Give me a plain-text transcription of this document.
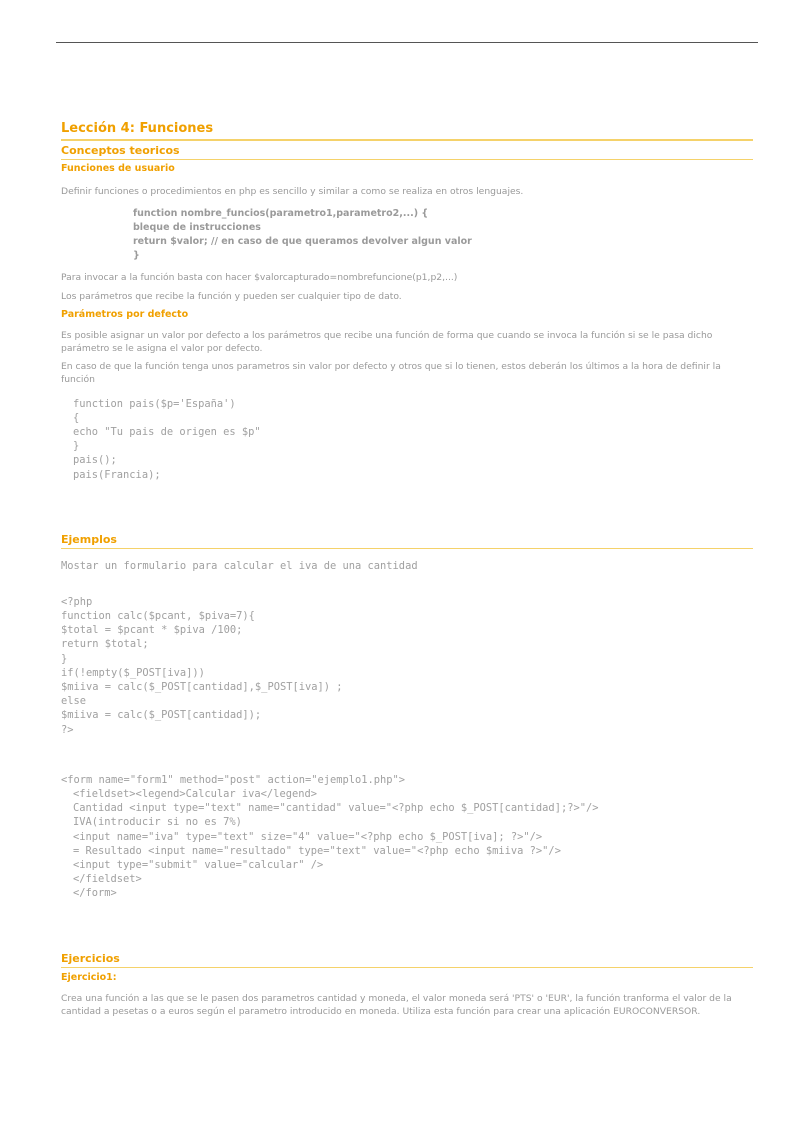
Lección 4: Funciones
Conceptos teoricos
Funciones de usuario

Definir funciones o procedimientos en php es sencillo y similar a como se realiza en otros lenguajes.

function nombre_funcios(parametro1,parametro2,...) {

bleque de instrucciones

return $valor; // en caso de que queramos devolver algun valor

}

Para invocar a la función basta con hacer $valorcapturado=nombrefuncione(p1,p2,...)

Los parámetros que recibe la función y pueden ser cualquier tipo de dato.

Parámetros por defecto

Es posible asignar un valor por defecto a los parámetros que recibe una función de forma que cuando se invoca la función si se le pasa dicho parámetro se le asigna el valor por defecto.

En caso de que la función tenga unos parametros sin valor por defecto y otros que si lo tienen, estos deberán los últimos a la hora de definir la función

function pais($p='España')

{

echo "Tu pais de origen es $p"

}

pais();

pais(Francia);

Ejemplos

Mostar un formulario para calcular el iva de una cantidad

<?php

function calc($pcant, $piva=7){

$total = $pcant * $piva /100;

return $total;

}

if(!empty($_POST[iva]))

$miiva = calc($_POST[cantidad],$_POST[iva]) ;

else

$miiva = calc($_POST[cantidad]);

?>

<form name="form1" method="post" action="ejemplo1.php">

<fieldset><legend>Calcular iva</legend>

Cantidad <input type="text" name="cantidad" value="<?php echo $_POST[cantidad];?>"/>

IVA(introducir si no es 7%)

<input name="iva" type="text" size="4" value="<?php echo $_POST[iva]; ?>"/>

= Resultado <input name="resultado" type="text" value="<?php echo $miiva ?>"/>

<input type="submit" value="calcular" />

</fieldset>

</form>

Ejercicios
Ejercicio1:

Crea una función a las que se le pasen dos parametros cantidad y moneda, el valor moneda será 'PTS' o 'EUR', la función tranforma el valor de la cantidad a pesetas o a euros según el parametro introducido en moneda. Utiliza esta función para crear una aplicación EUROCONVERSOR.
